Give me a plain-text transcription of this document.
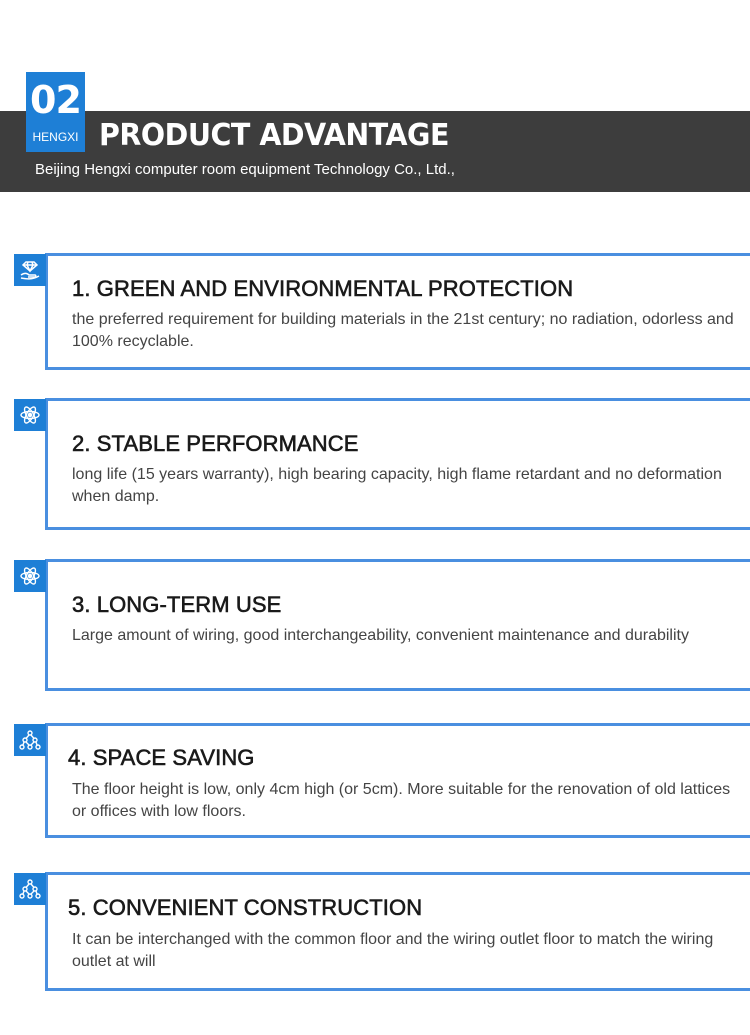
02
HENGXI PRODUCT ADVANTAGE
Beijing Hengxi computer room equipment Technology Co., Ltd.,
1. GREEN AND ENVIRONMENTAL PROTECTION
the preferred requirement for building materials in the 21st century; no radiation, odorless and 100% recyclable.
2. STABLE PERFORMANCE
long life (15 years warranty), high bearing capacity, high flame retardant and no deformation when damp.
3. LONG-TERM USE
Large amount of wiring, good interchangeability, convenient maintenance and durability
4. SPACE SAVING
The floor height is low, only 4cm high (or 5cm). More suitable for the renovation of old lattices or offices with low floors.
5. CONVENIENT CONSTRUCTION
It can be interchanged with the common floor and the wiring outlet floor to match the wiring outlet at will
